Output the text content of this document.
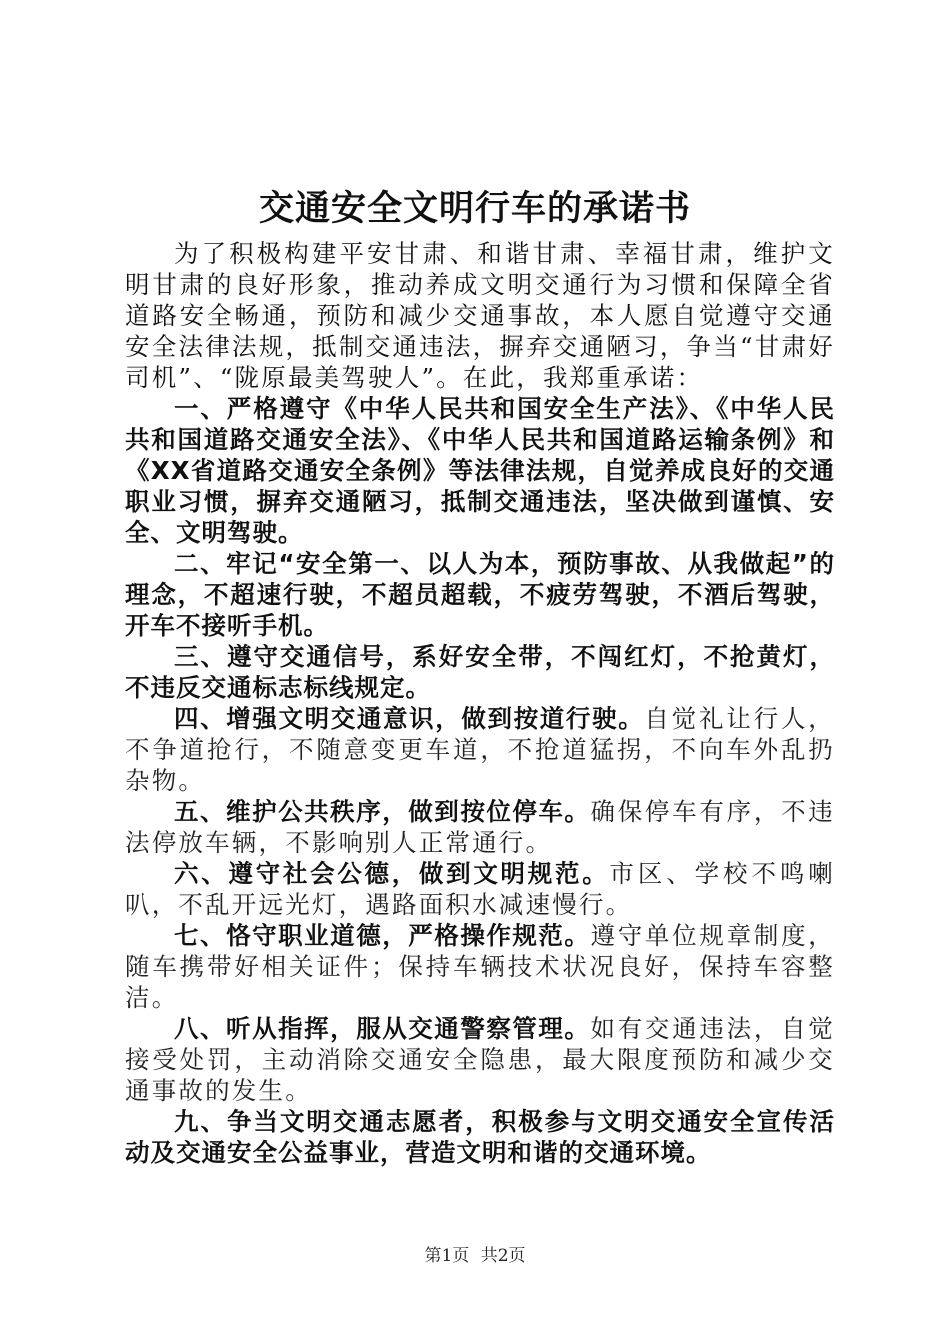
交通安全文明行车的承诺书

为了积极构建平安甘肃、和谐甘肃、幸福甘肃，维护文明甘肃的良好形象，推动养成文明交通行为习惯和保障全省道路安全畅通，预防和减少交通事故，本人愿自觉遵守交通安全法律法规，抵制交通违法，摒弃交通陋习，争当“甘肃好司机”、“陇原最美驾驶人”。在此，我郑重承诺：

一、严格遵守《中华人民共和国安全生产法》、《中华人民共和国道路交通安全法》、《中华人民共和国道路运输条例》和《XX省道路交通安全条例》等法律法规，自觉养成良好的交通职业习惯，摒弃交通陋习，抵制交通违法，坚决做到谨慎、安全、文明驾驶。

二、牢记“安全第一、以人为本，预防事故、从我做起”的理念，不超速行驶，不超员超载，不疲劳驾驶，不酒后驾驶，开车不接听手机。

三、遵守交通信号，系好安全带，不闯红灯，不抢黄灯，不违反交通标志标线规定。

四、增强文明交通意识，做到按道行驶。自觉礼让行人，不争道抢行，不随意变更车道，不抢道猛拐，不向车外乱扔杂物。

五、维护公共秩序，做到按位停车。确保停车有序，不违法停放车辆，不影响别人正常通行。

六、遵守社会公德，做到文明规范。市区、学校不鸣喇叭，不乱开远光灯，遇路面积水减速慢行。

七、恪守职业道德，严格操作规范。遵守单位规章制度，随车携带好相关证件；保持车辆技术状况良好，保持车容整洁。

八、听从指挥，服从交通警察管理。如有交通违法，自觉接受处罚，主动消除交通安全隐患，最大限度预防和减少交通事故的发生。

九、争当文明交通志愿者，积极参与文明交通安全宣传活动及交通安全公益事业，营造文明和谐的交通环境。

第1页 共2页
